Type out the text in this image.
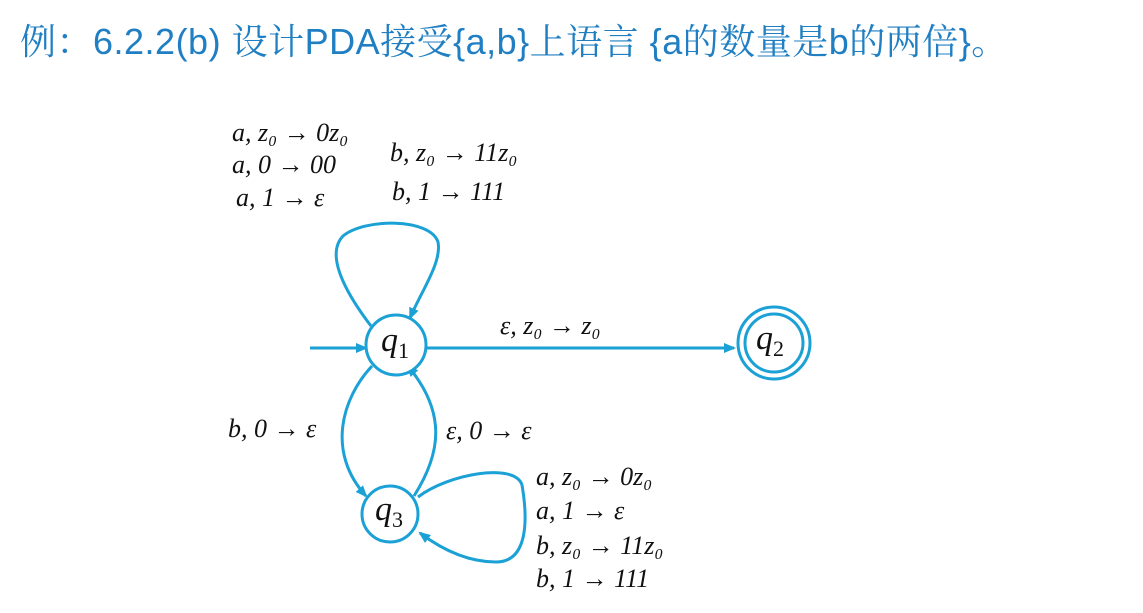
例：6.2.2(b) 设计PDA接受{a,b}上语言 {a的数量是b的两倍}。
$q_1$	$q_2$
$q_3$
a, z₀ → 0z₀
a, 0 → 00
a, 1 → ε
b, z₀ → 11z₀
b, 1 → 111
ε, z₀ → z₀
b, 0 → ε	ε, 0 → ε
a, z₀ → 0z₀
a, 1 → ε
b, z₀ → 11z₀
b, 1 → 111
